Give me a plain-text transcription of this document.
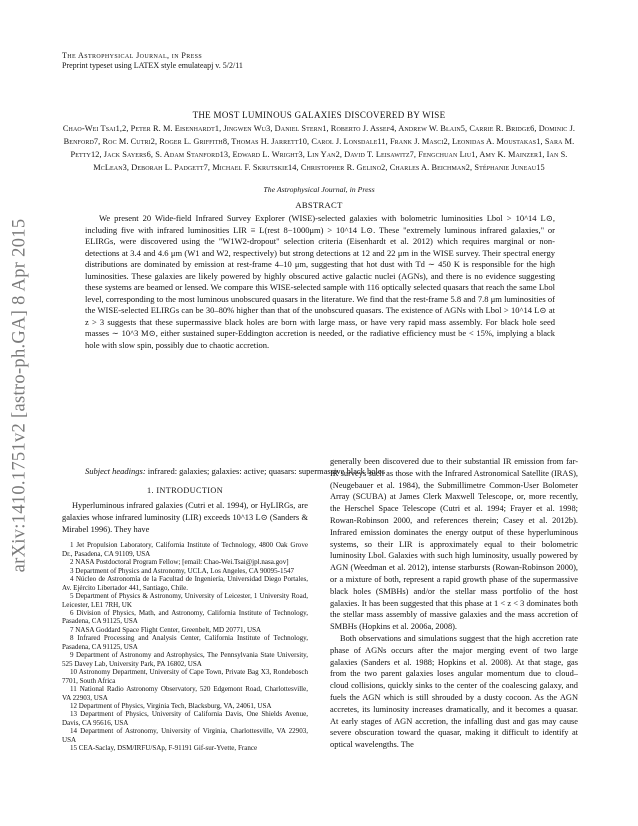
arXiv:1410.1751v2 [astro-ph.GA] 8 Apr 2015
The Astrophysical Journal, in Press
Preprint typeset using LATEX style emulateapj v. 5/2/11
THE MOST LUMINOUS GALAXIES DISCOVERED BY WISE
Chao-Wei Tsai1,2, Peter R. M. Eisenhardt1, Jingwen Wu3, Daniel Stern1, Roberto J. Assef4, Andrew W. Blain5, Carrie R. Bridge6, Dominic J. Benford7, Roc M. Cutri2, Roger L. Griffith8, Thomas H. Jarrett10, Carol J. Lonsdale11, Frank J. Masci2, Leonidas A. Moustakas1, Sara M. Petty12, Jack Sayers6, S. Adam Stanford13, Edward L. Wright3, Lin Yan2, David T. Leisawitz7, Fengchuan Liu1, Amy K. Mainzer1, Ian S. McLean3, Deborah L. Padgett7, Michael F. Skrutskie14, Christopher R. Gelino2, Charles A. Beichman2, Stéphanie Juneau15
The Astrophysical Journal, in Press
ABSTRACT

We present 20 Wide-field Infrared Survey Explorer (WISE)-selected galaxies with bolometric luminosities Lbol > 10^14 L⊙, including five with infrared luminosities LIR ≡ L(rest 8−1000μm) > 10^14 L⊙. These "extremely luminous infrared galaxies," or ELIRGs, were discovered using the "W1W2-dropout" selection criteria (Eisenhardt et al. 2012) which requires marginal or non-detections at 3.4 and 4.6 μm (W1 and W2, respectively) but strong detections at 12 and 22 μm in the WISE survey. Their spectral energy distributions are dominated by emission at rest-frame 4–10 μm, suggesting that hot dust with Td ∼ 450 K is responsible for the high luminosities. These galaxies are likely powered by highly obscured active galactic nuclei (AGNs), and there is no evidence suggesting these systems are beamed or lensed. We compare this WISE-selected sample with 116 optically selected quasars that reach the same Lbol level, corresponding to the most luminous unobscured quasars in the literature. We find that the rest-frame 5.8 and 7.8 μm luminosities of the WISE-selected ELIRGs can be 30–80% higher than that of the unobscured quasars. The existence of AGNs with Lbol > 10^14 L⊙ at z > 3 suggests that these supermassive black holes are born with large mass, or have very rapid mass assembly. For black hole seed masses ∼ 10^3 M⊙, either sustained super-Eddington accretion is needed, or the radiative efficiency must be < 15%, implying a black hole with slow spin, possibly due to chaotic accretion.

Subject headings: infrared: galaxies; galaxies: active; quasars: supermassive black holes
1. INTRODUCTION

Hyperluminous infrared galaxies (Cutri et al. 1994), or HyLIRGs, are galaxies whose infrared luminosity (LIR) exceeds 10^13 L⊙ (Sanders & Mirabel 1996). They have

1 Jet Propulsion Laboratory, California Institute of Technology, 4800 Oak Grove Dr., Pasadena, CA 91109, USA

2 NASA Postdoctoral Program Fellow; [email: Chao-Wei.Tsai@jpl.nasa.gov]

3 Department of Physics and Astronomy, UCLA, Los Angeles, CA 90095-1547

4 Núcleo de Astronomía de la Facultad de Ingeniería, Universidad Diego Portales, Av. Ejército Libertador 441, Santiago, Chile.

5 Department of Physics & Astronomy, University of Leicester, 1 University Road, Leicester, LE1 7RH, UK

6 Division of Physics, Math, and Astronomy, California Institute of Technology, Pasadena, CA 91125, USA

7 NASA Goddard Space Flight Center, Greenbelt, MD 20771, USA

8 Infrared Processing and Analysis Center, California Institute of Technology, Pasadena, CA 91125, USA

9 Department of Astronomy and Astrophysics, The Pennsylvania State University, 525 Davey Lab, University Park, PA 16802, USA

10 Astronomy Department, University of Cape Town, Private Bag X3, Rondebosch 7701, South Africa

11 National Radio Astronomy Observatory, 520 Edgemont Road, Charlottesville, VA 22903, USA

12 Department of Physics, Virginia Tech, Blacksburg, VA, 24061, USA

13 Department of Physics, University of California Davis, One Shields Avenue, Davis, CA 95616, USA

14 Department of Astronomy, University of Virginia, Charlottesville, VA 22903, USA

15 CEA-Saclay, DSM/IRFU/SAp, F-91191 Gif-sur-Yvette, France

generally been discovered due to their substantial IR emission from far-IR surveys such as those with the Infrared Astronomical Satellite (IRAS), (Neugebauer et al. 1984), the Submillimetre Common-User Bolometer Array (SCUBA) at James Clerk Maxwell Telescope, or, more recently, the Herschel Space Telescope (Cutri et al. 1994; Frayer et al. 1998; Rowan-Robinson 2000, and references therein; Casey et al. 2012b). Infrared emission dominates the energy output of these hyperluminous systems, so their LIR is approximately equal to their bolometric luminosity Lbol. Galaxies with such high luminosity, usually powered by AGN (Weedman et al. 2012), intense starbursts (Rowan-Robinson 2000), or a mixture of both, represent a rapid growth phase of the supermassive black holes (SMBHs) and/or the stellar mass portfolio of the host galaxies. It has been suggested that this phase at 1 < z < 3 dominates both the stellar mass assembly of massive galaxies and the mass accretion of SMBHs (Hopkins et al. 2006a, 2008).

Both observations and simulations suggest that the high accretion rate phase of AGNs occurs after the major merging event of two large galaxies (Sanders et al. 1988; Hopkins et al. 2008). At that stage, gas from the two parent galaxies loses angular momentum due to cloud–cloud collisions, quickly sinks to the center of the coalescing galaxy, and fuels the AGN which is still shrouded by a dusty cocoon. As the AGN accretes, its luminosity increases dramatically, and it becomes a quasar. At early stages of AGN accretion, the infalling dust and gas may cause severe obscuration toward the quasar, making it difficult to identify at optical wavelengths. The
